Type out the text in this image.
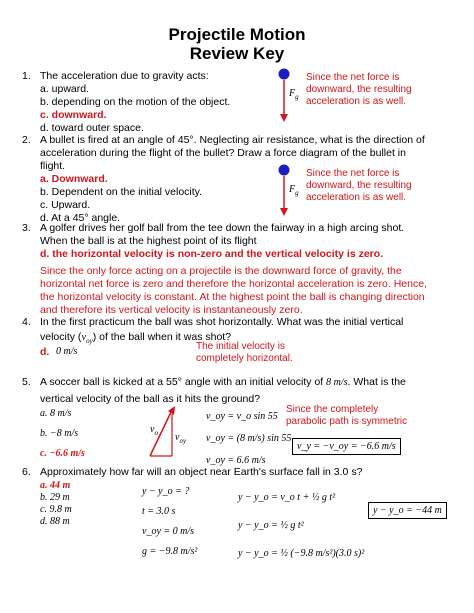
Projectile Motion
Review Key
1. The acceleration due to gravity acts:
a. upward.
b. depending on the motion of the object.
c. downward.
d. toward outer space.
$F_g$
Since the net force is
downward, the resulting
acceleration is as well.
2. A bullet is fired at an angle of 45°. Neglecting air resistance, what is the direction of
acceleration during the flight of the bullet? Draw a force diagram of the bullet in
flight.
a. Downward.
b. Dependent on the initial velocity.
c. Upward.
d. At a 45° angle.
$F_g$
Since the net force is
downward, the resulting
acceleration is as well.
3. A golfer drives her golf ball from the tee down the fairway in a high arcing shot.
When the ball is at the highest point of its flight
d. the horizontal velocity is non-zero and the vertical velocity is zero.
Since the only force acting on a projectile is the downward force of gravity, the
horizontal net force is zero and therefore the horizontal acceleration is zero. Hence,
the horizontal velocity is constant. At the highest point the ball is changing direction
and therefore its vertical velocity is instantaneously zero.
4. In the first practicum the ball was shot horizontally. What was the initial vertical
velocity $(v_{oy})$ of the ball when it was shot?
d. 0 m/s	The initial velocity is
completely horizontal.
5. A soccer ball is kicked at a 55° angle with an initial velocity of 8 m/s. What is the
vertical velocity of the ball as it hits the ground?
a. 8 m/s
b. −8 m/s
c. −6.6 m/s
$v_o$ $v_{oy}$
v_oy = v_o sin 55
v_oy = (8 m/s) sin 55
v_oy = 6.6 m/s
Since the completely
parabolic path is symmetric
v_y = −v_oy = −6.6 m/s
6. Approximately how far will an object near Earth's surface fall in 3.0 s?
a. 44 m
b. 29 m
c. 9.8 m
d. 88 m
y − y_o = ?
t = 3.0 s
v_oy = 0 m/s
g = −9.8 m/s²
y − y_o = v_o t + ½ g t²
y − y_o = ½ g t²
y − y_o = ½ (−9.8 m/s²)(3.0 s)²
y − y_o = −44 m
